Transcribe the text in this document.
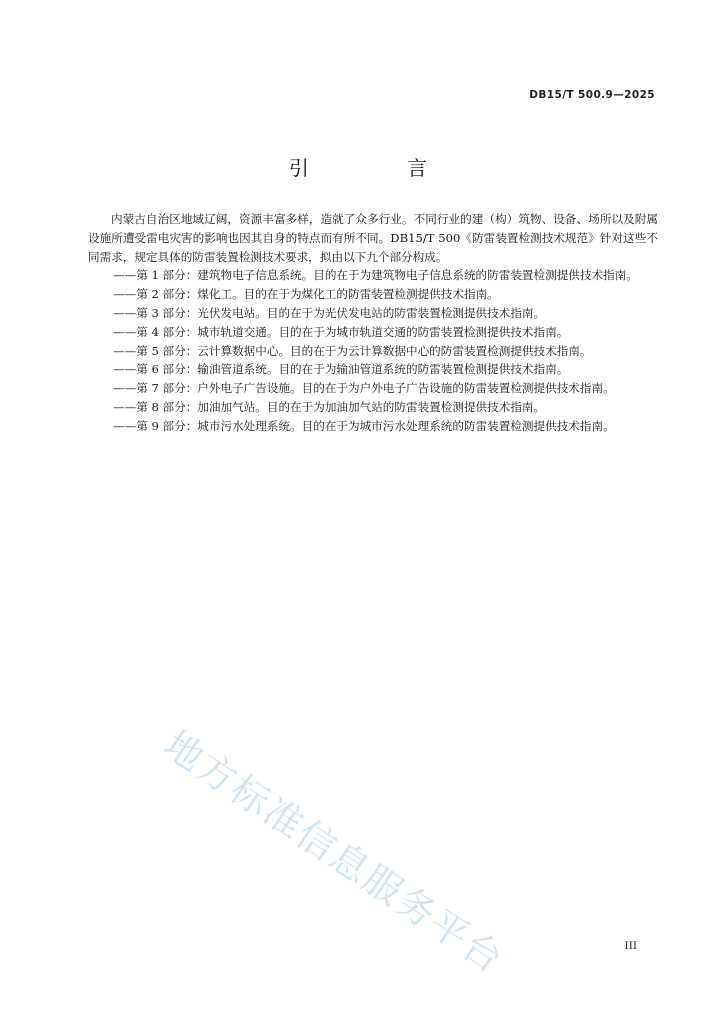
DB15/T 500.9—2025
引 言

内蒙古自治区地域辽阔，资源丰富多样，造就了众多行业。不同行业的建（构）筑物、设备、场所以及附属设施所遭受雷电灾害的影响也因其自身的特点而有所不同。DB15/T 500《防雷装置检测技术规范》针对这些不同需求，规定具体的防雷装置检测技术要求，拟由以下九个部分构成。

——第 1 部分：建筑物电子信息系统。目的在于为建筑物电子信息系统的防雷装置检测提供技术指南。
——第 2 部分：煤化工。目的在于为煤化工的防雷装置检测提供技术指南。
——第 3 部分：光伏发电站。目的在于为光伏发电站的防雷装置检测提供技术指南。
——第 4 部分：城市轨道交通。目的在于为城市轨道交通的防雷装置检测提供技术指南。
——第 5 部分：云计算数据中心。目的在于为云计算数据中心的防雷装置检测提供技术指南。
——第 6 部分：输油管道系统。目的在于为输油管道系统的防雷装置检测提供技术指南。
——第 7 部分：户外电子广告设施。目的在于为户外电子广告设施的防雷装置检测提供技术指南。
——第 8 部分：加油加气站。目的在于为加油加气站的防雷装置检测提供技术指南。
——第 9 部分：城市污水处理系统。目的在于为城市污水处理系统的防雷装置检测提供技术指南。
地方标准信息服务平台	III
